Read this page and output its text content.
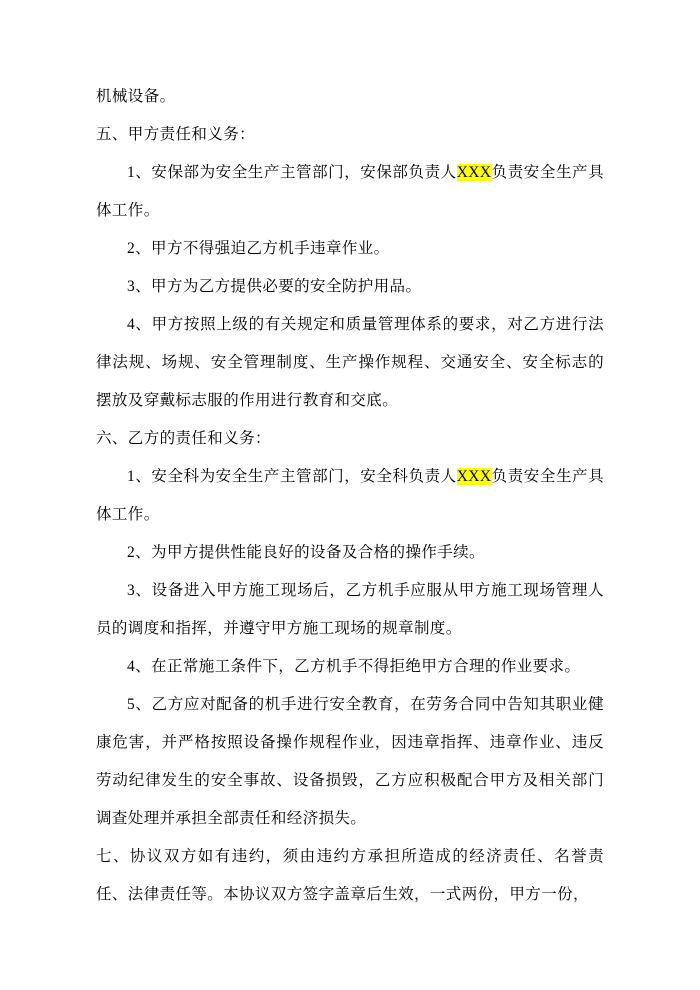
机械设备。

五、甲方责任和义务：

1、安保部为安全生产主管部门，安保部负责人XXX负责安全生产具体工作。

2、甲方不得强迫乙方机手违章作业。

3、甲方为乙方提供必要的安全防护用品。

4、甲方按照上级的有关规定和质量管理体系的要求，对乙方进行法律法规、场规、安全管理制度、生产操作规程、交通安全、安全标志的摆放及穿戴标志服的作用进行教育和交底。

六、乙方的责任和义务：

1、安全科为安全生产主管部门，安全科负责人XXX负责安全生产具体工作。

2、为甲方提供性能良好的设备及合格的操作手续。

3、设备进入甲方施工现场后，乙方机手应服从甲方施工现场管理人员的调度和指挥，并遵守甲方施工现场的规章制度。

4、在正常施工条件下，乙方机手不得拒绝甲方合理的作业要求。

5、乙方应对配备的机手进行安全教育，在劳务合同中告知其职业健康危害，并严格按照设备操作规程作业，因违章指挥、违章作业、违反劳动纪律发生的安全事故、设备损毁，乙方应积极配合甲方及相关部门调查处理并承担全部责任和经济损失。

七、协议双方如有违约，须由违约方承担所造成的经济责任、名誉责任、法律责任等。本协议双方签字盖章后生效，一式两份，甲方一份，
